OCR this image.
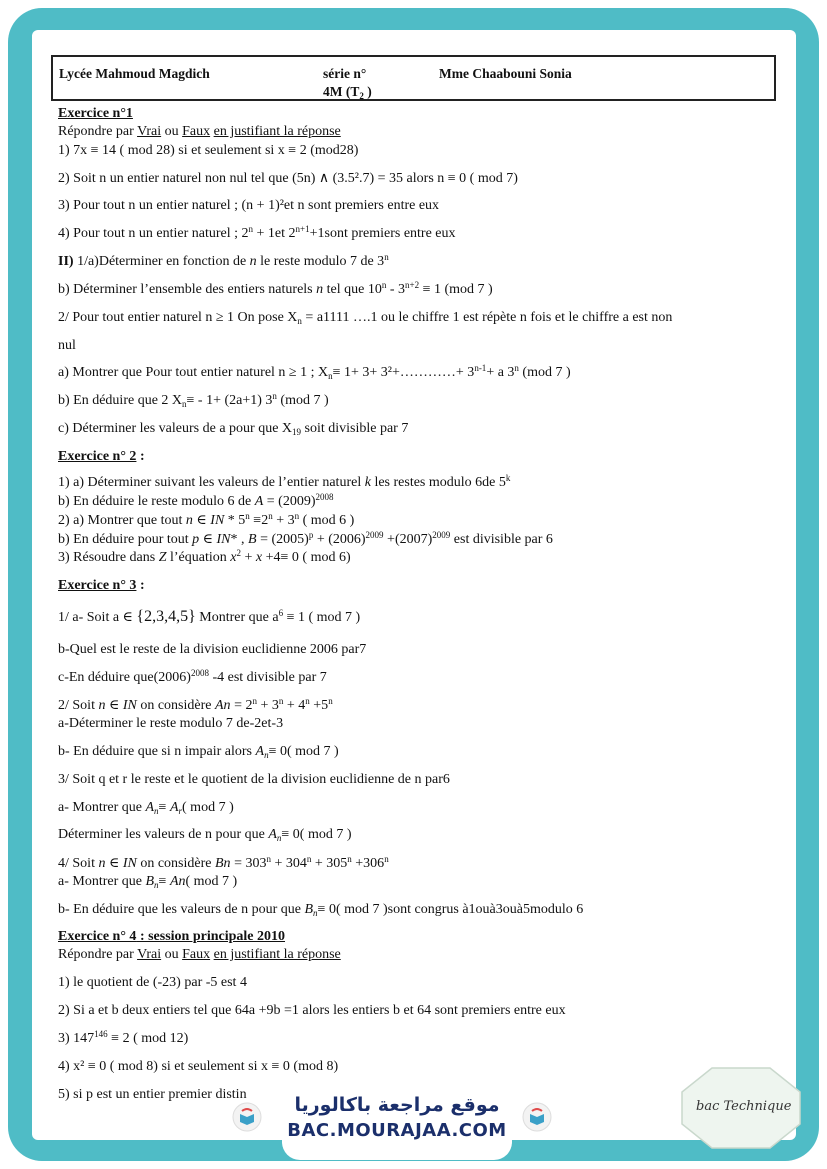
Lycée Mahmoud Magdich	série n°	Mme Chaabouni Sonia
4M ($T_2$ )
Exercice n°1
Répondre par Vrai ou Faux en justifiant la réponse
1) 7x ≡ 14 ( mod 28) si et seulement si x ≡ 2 (mod28)
2) Soit n un entier naturel non nul tel que (5n) ∧ (3.5².7) = 35 alors n ≡ 0 ( mod 7)
3) Pour tout n un entier naturel ; (n + 1)²et n sont premiers entre eux
4) Pour tout n un entier naturel ; $2^n + 1et$ $2^{n+1}+1sont$ premiers entre eux
II) 1/a)Déterminer en fonction de n le reste modulo 7 de 3$^n$
b) Déterminer l’ensemble des entiers naturels n tel que $10^n - 3^{n+2} \equiv 1$ (mod 7 )
2/ Pour tout entier naturel n ≥ 1 On pose $X_n = a1111$ ….1 ou le chiffre 1 est répète n fois et le chiffre a est non
nul
a) Montrer que Pour tout entier naturel n ≥ 1 ; $X_n\equiv 1+ 3+$ 3²+…………+ $3^{n-1}+ a$ 3$^n$ (mod 7 )
b) En déduire que 2 $X_n\equiv - 1+ (2a+1)$ 3$^n$ (mod 7 )
c) Déterminer les valeurs de a pour que $X_{19}$ soit divisible par 7
Exercice n° 2 :
1) a) Déterminer suivant les valeurs de l’entier naturel k les restes modulo 6de 5$^k$
b) En déduire le reste modulo 6 de $A = (2009)^{2008}$
2) a) Montrer que tout n ∈ IN * $5^n \equiv 2^n + 3^n$ ( mod 6 )
b) En déduire pour tout p ∈ IN* , $B = (2005)^p + (2006)^{2009} +(2007)^{2009}$ est divisible par 6
3) Résoudre dans Z l’équation $x^2 + x +4\equiv 0$ ( mod 6)
Exercice n° 3 :
1/ a- Soit a ∈ {2,3,4,5} Montrer que $a^6 \equiv 1$ ( mod 7 )
b-Quel est le reste de la division euclidienne 2006 par7
c-En déduire $que(2006)^{2008}$ -4 est divisible par 7
2/ Soit n ∈ IN on considère $An = 2^n + 3^n + 4^n +5^n$
a-Déterminer le reste modulo 7 de-2et-3
b- En déduire que si n impair alors $A_n\equiv 0$( mod 7 )
3/ Soit q et r le reste et le quotient de la division euclidienne de n par6
a- Montrer que $A_n\equiv A_r$( mod 7 )
Déterminer les valeurs de n pour que $A_n\equiv 0$( mod 7 )
4/ Soit n ∈ IN on considère $Bn = 303^n + 304^n + 305^n +306^n$
a- Montrer que $B_n\equiv An$( mod 7 )
b- En déduire que les valeurs de n pour que $B_n\equiv 0$( mod 7 )sont congrus à1ouà3ouà5modulo 6
Exercice n° 4 : session principale 2010
Répondre par Vrai ou Faux en justifiant la réponse
1) le quotient de (-23) par -5 est 4
2) Si a et b deux entiers tel que 64a +9b =1 alors les entiers b et 64 sont premiers entre eux
3) $147^{146} \equiv 2$ ( mod 12)
4) x² ≡ 0 ( mod 8) si et seulement si x ≡ 0 (mod 8)
5) si p est un entier premier distin	موقع مراجعة باكالوريا
BAC.MOURAJAA.COM
bac Technique
